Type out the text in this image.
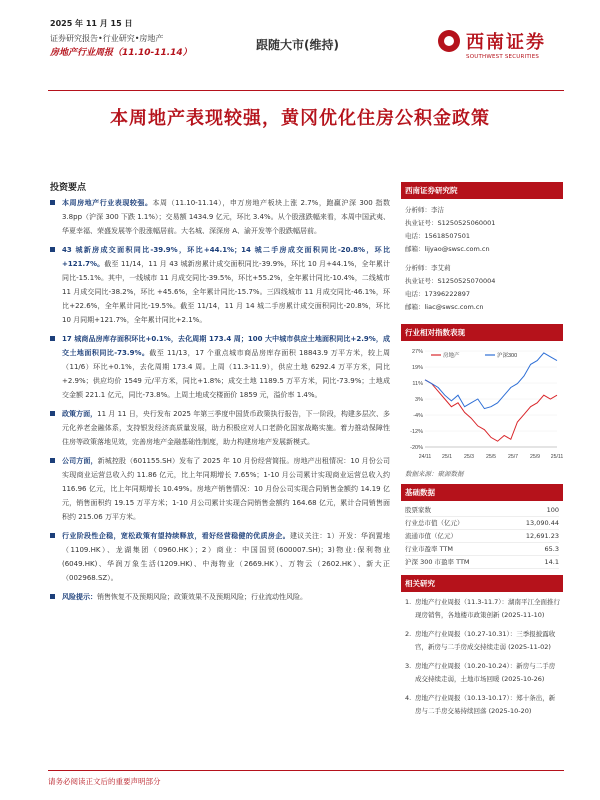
2025 年 11 月 15 日
证券研究报告•行业研究•房地产
房地产行业周报（11.10-11.14）
跟随大市(维持)	西南证券
SOUTHWEST SECURITIES
本周地产表现较强，黄冈优化住房公积金政策
投资要点
本周房地产行业表现较强。本周（11.10-11.14），申万房地产板块上涨 2.7%，跑赢沪深 300 指数 3.8pp（沪深 300 下跌 1.1%）；交易额 1434.9 亿元，环比 3.4%。从个股涨跌幅来看，本周中国武夷、华夏幸福、荣盛发展等个股涨幅居前。大名城、深深房 A、渝开发等个股跌幅居前。
43 城新房成交面积同比-39.9%，环比+44.1%；14 城二手房成交面积同比-20.8%，环比+121.7%。截至 11/14，11 月 43 城新房累计成交面积同比-39.9%，环比 10 月+44.1%，全年累计同比-15.1%。其中，一线城市 11 月成交同比-39.5%，环比+55.2%，全年累计同比-10.4%，二线城市 11 月成交同比-38.2%，环比 +45.6%，全年累计同比-15.7%。三四线城市 11 月成交同比-46.1%，环比+22.6%，全年累计同比-19.5%。截至 11/14，11 月 14 城二手房累计成交面积同比-20.8%，环比 10 月同期+121.7%，全年累计同比+2.1%。
17 城商品房库存面积环比+0.1%，去化周期 173.4 周；100 大中城市供应土地面积同比+2.9%，成交土地面积同比-73.9%。截至 11/13，17 个重点城市商品房库存面积 18843.9 万平方米，较上周（11/6）环比+0.1%，去化周期 173.4 周。上周（11.3-11.9），供应土地 6292.4 万平方米，同比+2.9%；供应均价 1549 元/平方米，同比+1.8%；成交土地 1189.5 万平方米，同比-73.9%；土地成交金额 221.1 亿元，同比-73.8%。上周土地成交楼面价 1859 元，溢价率 1.4%。
政策方面，11 月 11 日，央行发布 2025 年第三季度中国货币政策执行报告，下一阶段，构建多层次、多元化养老金融体系，支持银发经济高质量发展，助力积极应对人口老龄化国家战略实施。着力推动保障性住房等政策落地见效，完善房地产金融基础性制度，助力构建房地产发展新模式。
公司方面，新城控股（601155.SH）发布了 2025 年 10 月份经营简报。房地产出租情况：10 月份公司实现商业运营总收入约 11.86 亿元，比上年同期增长 7.65%；1-10 月公司累计实现商业运营总收入约 116.96 亿元，比上年同期增长 10.49%。房地产销售情况：10 月份公司实现合同销售金额约 14.19 亿元，销售面积约 19.15 万平方米；1-10 月公司累计实现合同销售金额约 164.68 亿元，累计合同销售面积约 215.06 万平方米。
行业阶段性企稳，宽松政策有望持续释放，看好经营稳健的优质房企。建议关注：1）开发：华润置地（1109.HK）、龙湖集团（0960.HK）；2）商业：中国国贸(600007.SH)；3)物业:保利物业(6049.HK)、华润万象生活(1209.HK)、中海物业（2669.HK）、万物云（2602.HK）、新大正（002968.SZ）。
风险提示：销售恢复不及预期风险；政策效果不及预期风险；行业流动性风险。
西南证券研究院
分析师：李洁
执业证号：S1250525060001
电话：15618507501
邮箱：lijyao@swsc.com.cn
分析师：李艾莉
执业证号：S1250525070004
电话：17396222897
邮箱：liac@swsc.com.cn
行业相对指数表现
27%
19%
11%
3%
-4%
-12%
-20%
24/11 25/1 25/3 25/5 25/7 25/9 25/11
房地产	沪深300
数据来源：聚源数据
基础数据
股票家数	100
行业总市值（亿元）	13,090.44
流通市值（亿元）	12,691.23
行业市盈率 TTM	65.3
沪深 300 市盈率 TTM	14.1
相关研究
1. 房地产行业周报（11.3-11.7）：湖南平江全面推行现房销售，各地楼市政策创新 (2025-11-10)
2. 房地产行业周报（10.27-10.31）：三季报披露收官，新房与二手房成交持续走弱 (2025-11-02)
3. 房地产行业周报（10.20-10.24）：新房与二手房成交持续走弱，土地市场回暖 (2025-10-26)
4. 房地产行业周报（10.13-10.17）：郑十条出，新房与二手房交易持续回落 (2025-10-20)
请务必阅读正文后的重要声明部分
